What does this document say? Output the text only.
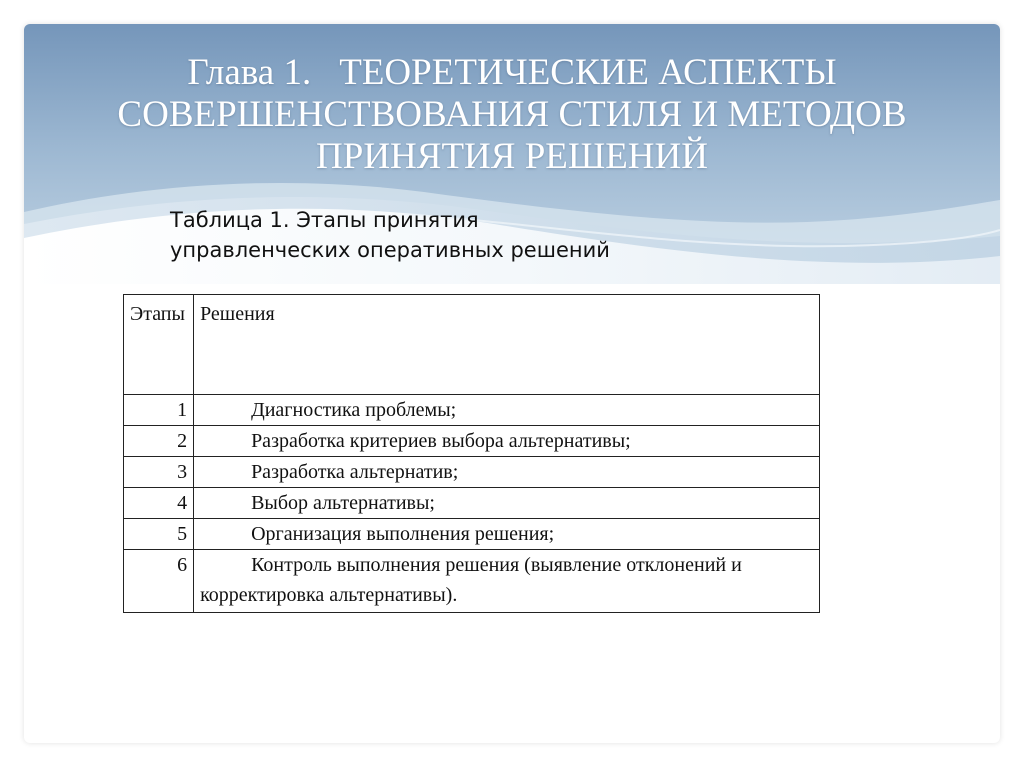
Глава 1. ТЕОРЕТИЧЕСКИЕ АСПЕКТЫ
СОВЕРШЕНСТВОВАНИЯ СТИЛЯ И МЕТОДОВ
ПРИНЯТИЯ РЕШЕНИЙ

Таблица 1. Этапы принятия
управленческих оперативных решений

Этапы	Решения
1	Диагностика проблемы;
2	Разработка критериев выбора альтернативы;
3	Разработка альтернатив;
4	Выбор альтернативы;
5	Организация выполнения решения;
6	Контроль выполнения решения (выявление отклонений и корректировка альтернативы).
